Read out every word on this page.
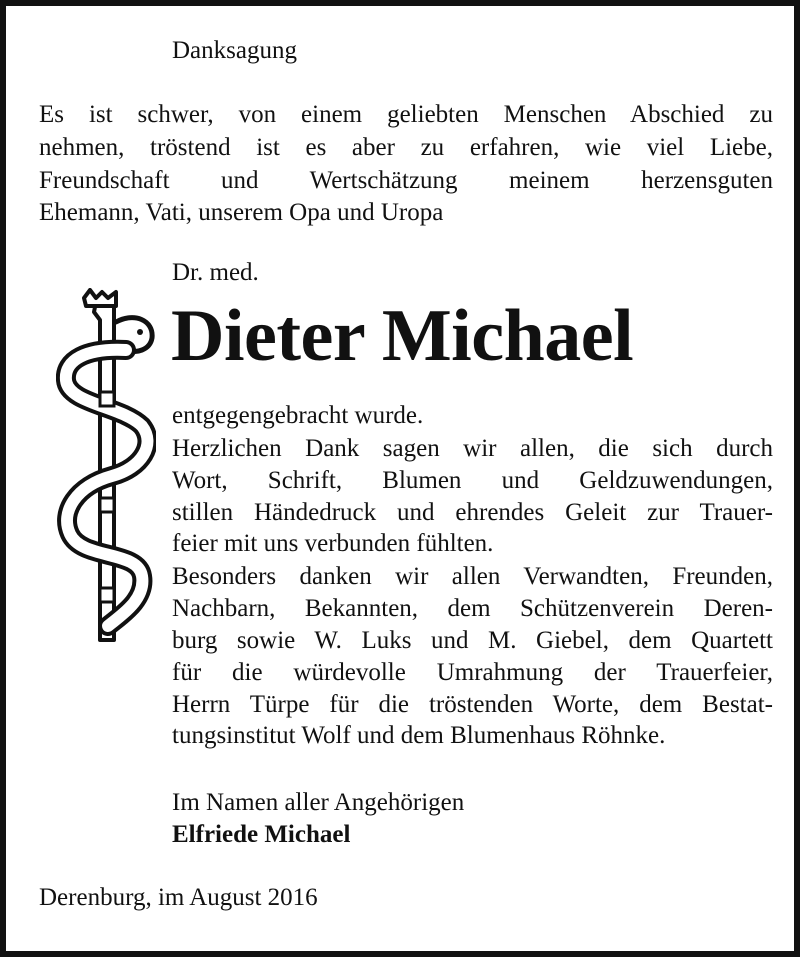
Danksagung

Es ist schwer, von einem geliebten Menschen Abschied zu

nehmen, tröstend ist es aber zu erfahren, wie viel Liebe,

Freundschaft und Wertschätzung meinem herzensguten

Ehemann, Vati, unserem Opa und Uropa

Dr. med.

Dieter Michael

entgegengebracht wurde.

Herzlichen Dank sagen wir allen, die sich durch

Wort, Schrift, Blumen und Geldzuwendungen,

stillen Händedruck und ehrendes Geleit zur Trauer-

feier mit uns verbunden fühlten.

Besonders danken wir allen Verwandten, Freunden,

Nachbarn, Bekannten, dem Schützenverein Deren-

burg sowie W. Luks und M. Giebel, dem Quartett

für die würdevolle Umrahmung der Trauerfeier,

Herrn Türpe für die tröstenden Worte, dem Bestat-

tungsinstitut Wolf und dem Blumenhaus Röhnke.

Im Namen aller Angehörigen

Elfriede Michael

Derenburg, im August 2016
